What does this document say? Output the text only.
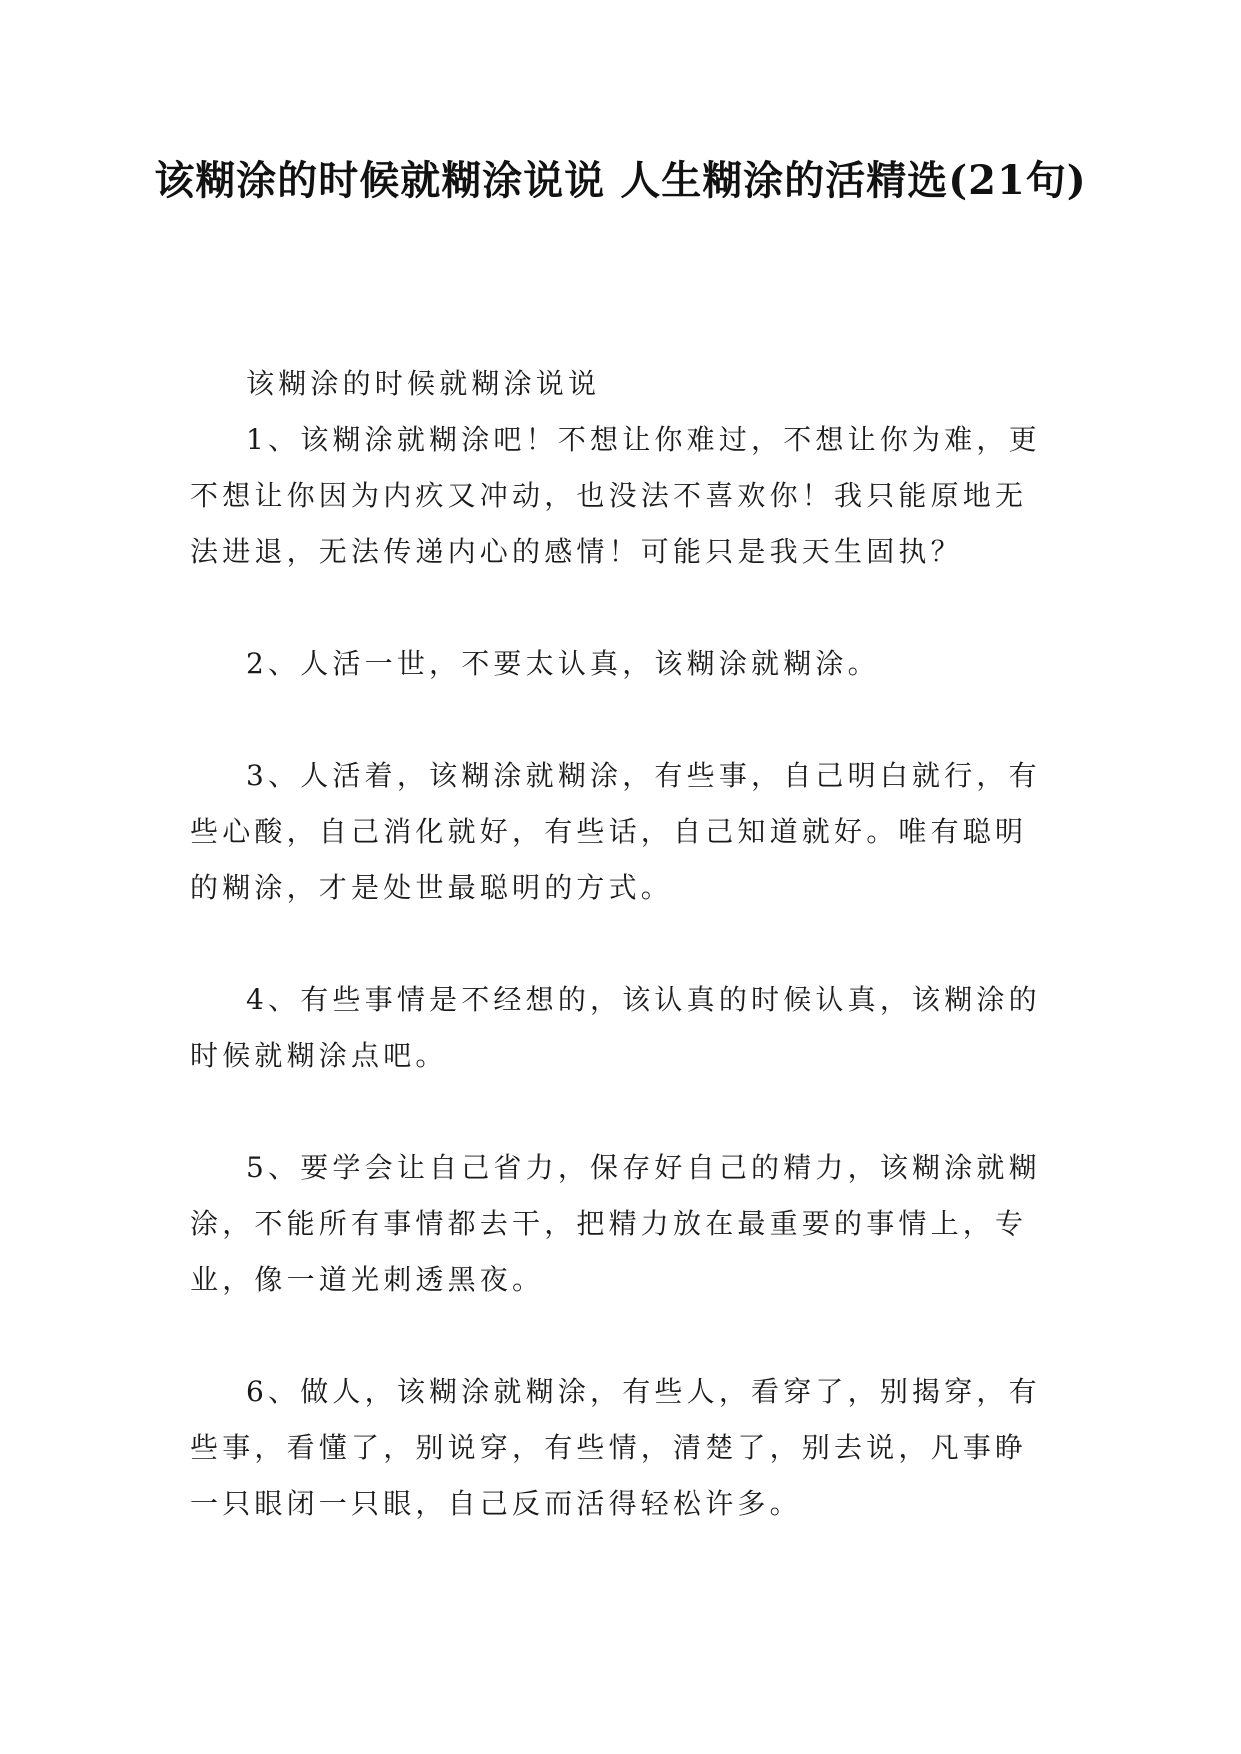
该糊涂的时候就糊涂说说 人生糊涂的活精选(21句)

该糊涂的时候就糊涂说说

1、该糊涂就糊涂吧！不想让你难过，不想让你为难，更不想让你因为内疚又冲动，也没法不喜欢你！我只能原地无法进退，无法传递内心的感情！可能只是我天生固执？

2、人活一世，不要太认真，该糊涂就糊涂。

3、人活着，该糊涂就糊涂，有些事，自己明白就行，有些心酸，自己消化就好，有些话，自己知道就好。唯有聪明的糊涂，才是处世最聪明的方式。

4、有些事情是不经想的，该认真的时候认真，该糊涂的时候就糊涂点吧。

5、要学会让自己省力，保存好自己的精力，该糊涂就糊涂，不能所有事情都去干，把精力放在最重要的事情上，专业，像一道光刺透黑夜。

6、做人，该糊涂就糊涂，有些人，看穿了，别揭穿，有些事，看懂了，别说穿，有些情，清楚了，别去说，凡事睁一只眼闭一只眼，自己反而活得轻松许多。
